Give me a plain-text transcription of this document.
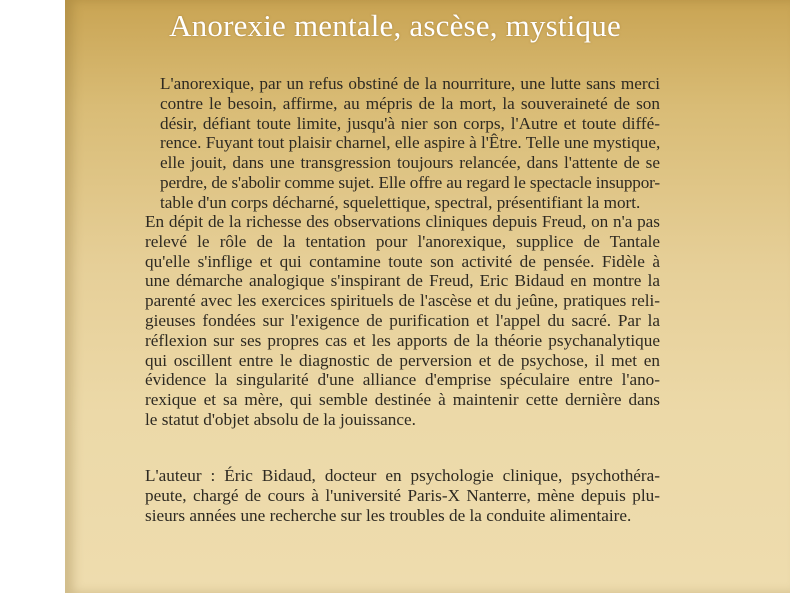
Anorexie mentale, ascèse, mystique
L'anorexique, par un refus obstiné de la nourriture, une lutte sans merci
contre le besoin, affirme, au mépris de la mort, la souveraineté de son
désir, défiant toute limite, jusqu'à nier son corps, l'Autre et toute diffé-
rence. Fuyant tout plaisir charnel, elle aspire à l'Être. Telle une mystique,
elle jouit, dans une transgression toujours relancée, dans l'attente de se
perdre, de s'abolir comme sujet. Elle offre au regard le spectacle insuppor-
table d'un corps décharné, squelettique, spectral, présentifiant la mort.
En dépit de la richesse des observations cliniques depuis Freud, on n'a pas
relevé le rôle de la tentation pour l'anorexique, supplice de Tantale
qu'elle s'inflige et qui contamine toute son activité de pensée. Fidèle à
une démarche analogique s'inspirant de Freud, Eric Bidaud en montre la
parenté avec les exercices spirituels de l'ascèse et du jeûne, pratiques reli-
gieuses fondées sur l'exigence de purification et l'appel du sacré. Par la
réflexion sur ses propres cas et les apports de la théorie psychanalytique
qui oscillent entre le diagnostic de perversion et de psychose, il met en
évidence la singularité d'une alliance d'emprise spéculaire entre l'ano-
rexique et sa mère, qui semble destinée à maintenir cette dernière dans
le statut d'objet absolu de la jouissance.
L'auteur : Éric Bidaud, docteur en psychologie clinique, psychothéra-
peute, chargé de cours à l'université Paris-X Nanterre, mène depuis plu-
sieurs années une recherche sur les troubles de la conduite alimentaire.
